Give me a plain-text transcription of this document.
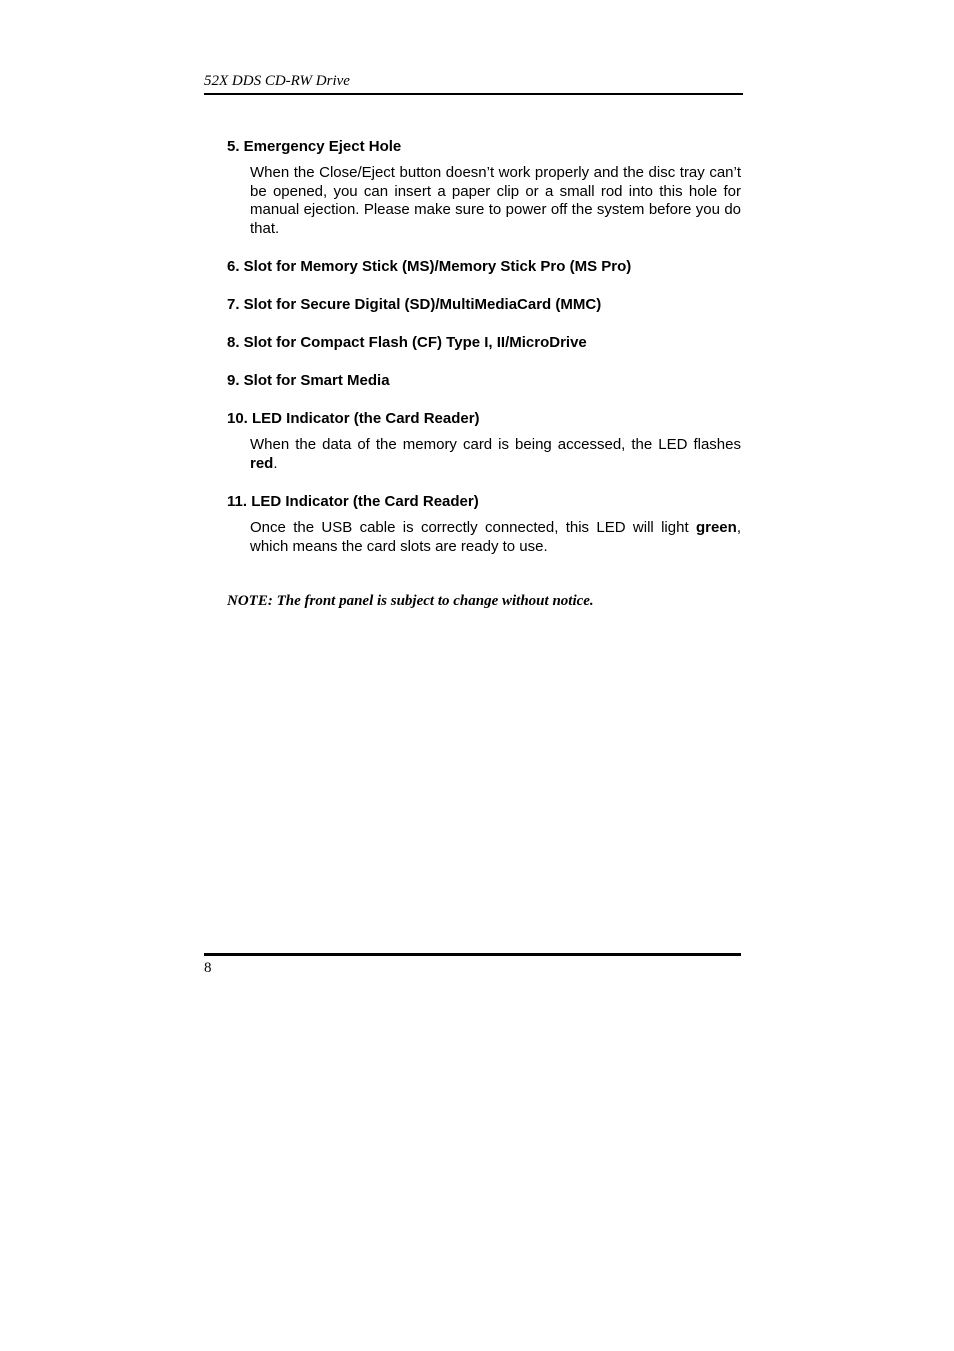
52X DDS CD-RW Drive

5. Emergency Eject Hole

When the Close/Eject button doesn’t work properly and the disc tray can’t be opened, you can insert a paper clip or a small rod into this hole for manual ejection. Please make sure to power off the system before you do that.

6. Slot for Memory Stick (MS)/Memory Stick Pro (MS Pro)

7. Slot for Secure Digital (SD)/MultiMediaCard (MMC)

8. Slot for Compact Flash (CF) Type I, II/MicroDrive

9. Slot for Smart Media

10. LED Indicator (the Card Reader)

When the data of the memory card is being accessed, the LED flashes red.

11. LED Indicator (the Card Reader)

Once the USB cable is correctly connected, this LED will light green, which means the card slots are ready to use.

NOTE: The front panel is subject to change without notice.
8
